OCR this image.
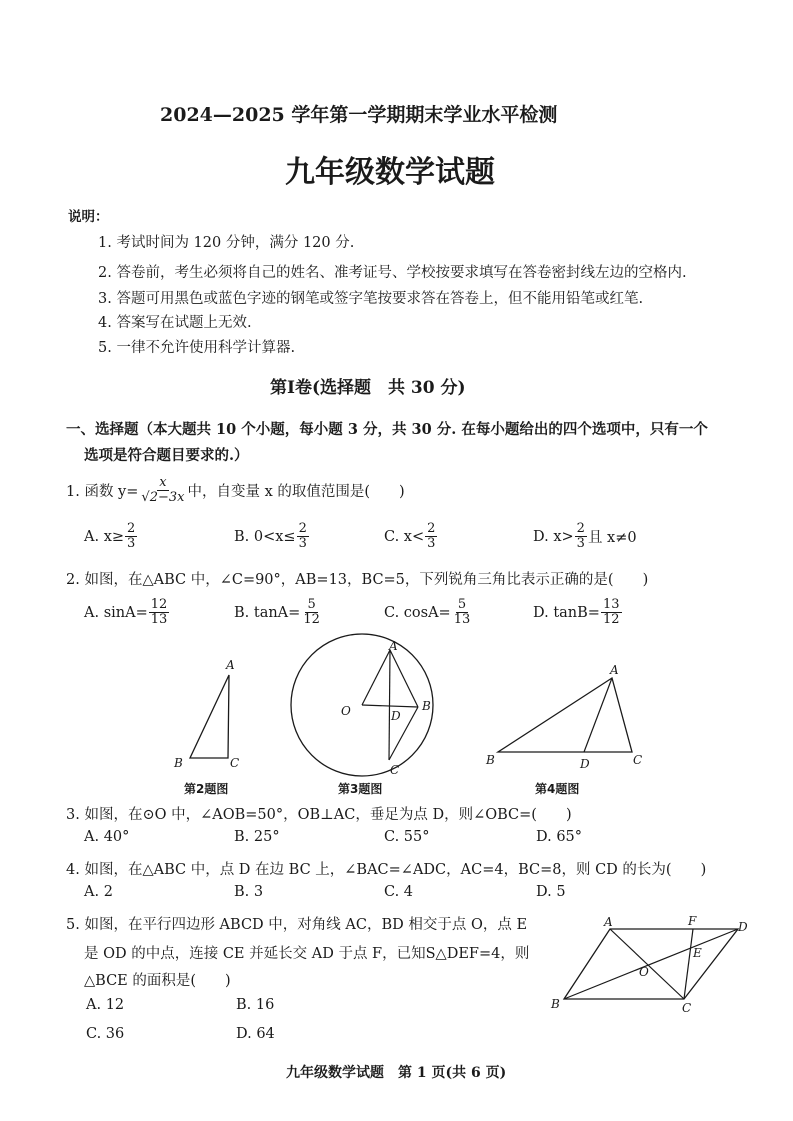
2024—2025 学年第一学期期末学业水平检测
九年级数学试题
说明：
1. 考试时间为 120 分钟，满分 120 分.
2. 答卷前，考生必须将自己的姓名、准考证号、学校按要求填写在答卷密封线左边的空格内.
3. 答题可用黑色或蓝色字迹的钢笔或签字笔按要求答在答卷上，但不能用铅笔或红笔.
4. 答案写在试题上无效.
5. 一律不允许使用科学计算器.
第Ⅰ卷(选择题　共 30 分)
一、选择题（本大题共 10 个小题，每小题 3 分，共 30 分. 在每小题给出的四个选项中，只有一个
选项是符合题目要求的.）
1. 函数 $y= \frac{x}{√2-3x}$ 中，自变量 x 的取值范围是(　　)
A. $x\ge \frac{2}{3}$	B. $0<x\le \frac{2}{3}$	C. $x< \frac{2}{3}$	D. $x> \frac{2}{3}$ 且 x≠0
2. 如图，在△ABC 中，∠C=90°，AB=13，BC=5，下列锐角三角比表示正确的是(　　)
A. $\sin A= \frac{12}{13}$	B. $\tan A= \frac{5}{12}$	C. $\cos A= \frac{5}{13}$	D. $\tan B= \frac{13}{12}$
A
B	C
第2题图
A
O	D
B
C
第3题图
A
B	D	C
第4题图
3. 如图，在⊙O 中，∠AOB=50°，OB⊥AC，垂足为点 D，则∠OBC=(　　)
A. 40°	B. 25°	C. 55°	D. 65°
4. 如图，在△ABC 中，点 D 在边 BC 上，∠BAC=∠ADC，AC=4，BC=8，则 CD 的长为(　　)
A. 2	B. 3	C. 4	D. 5
5. 如图，在平行四边形 ABCD 中，对角线 AC，BD 相交于点 O，点 E
是 OD 的中点，连接 CE 并延长交 AD 于点 F，已知S△DEF=4，则
△BCE 的面积是(　　)
A. 12	B. 16
C. 36	D. 64
A	F	D
E
O
B	C
九年级数学试题　第 1 页(共 6 页)
